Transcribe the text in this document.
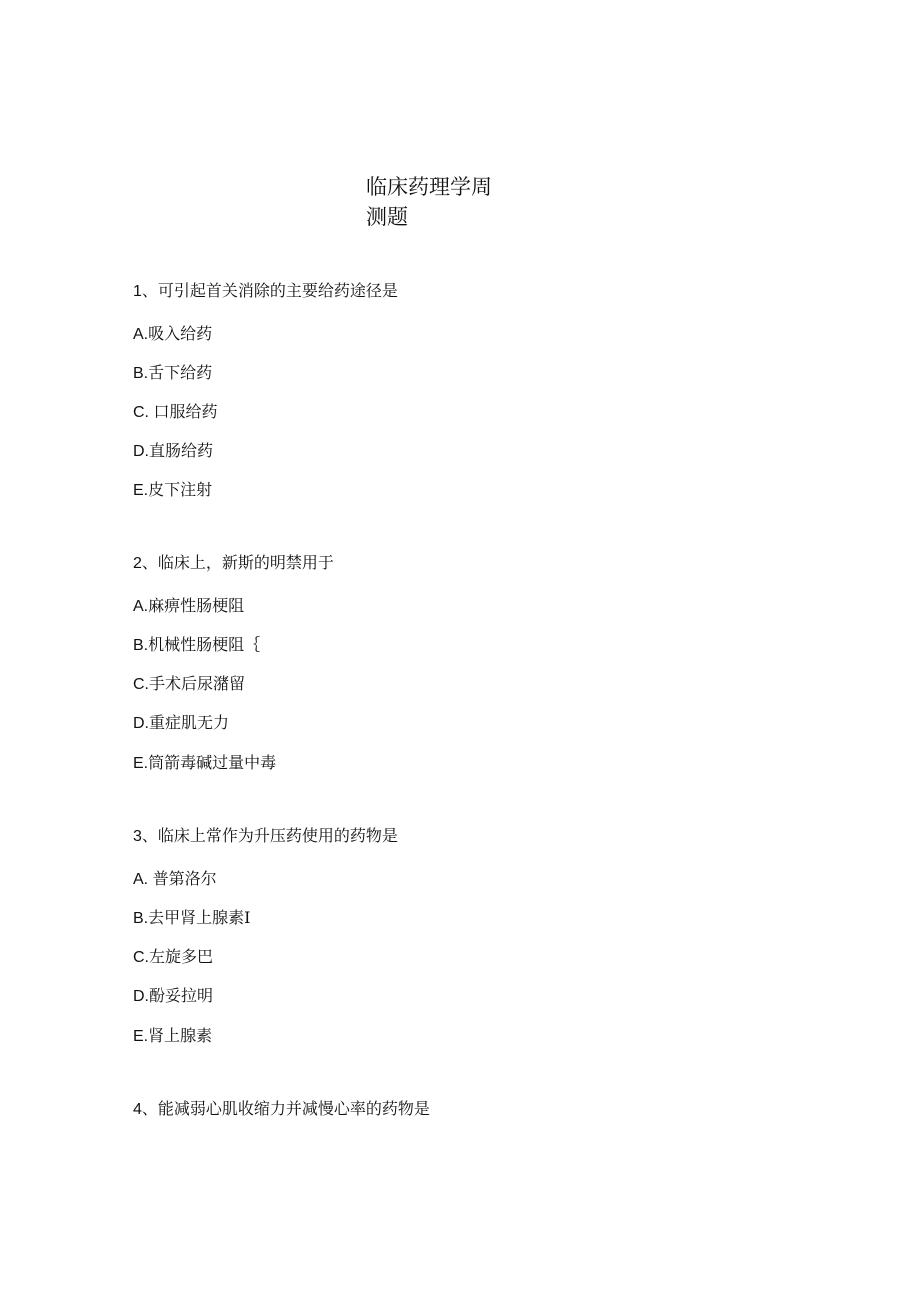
临床药理学周
测题

1、可引起首关消除的主要给药途径是

A.吸入给药

B.舌下给药

C. 口服给药

D.直肠给药

E.皮下注射

2、临床上，新斯的明禁用于

A.麻痹性肠梗阻

B.机械性肠梗阻｛

C.手术后尿潴留

D.重症肌无力

E.筒箭毒碱过量中毒

3、临床上常作为升压药使用的药物是

A. 普第洛尔

B.去甲肾上腺素I

C.左旋多巴

D.酚妥拉明

E.肾上腺素

4、能减弱心肌收缩力并减慢心率的药物是
